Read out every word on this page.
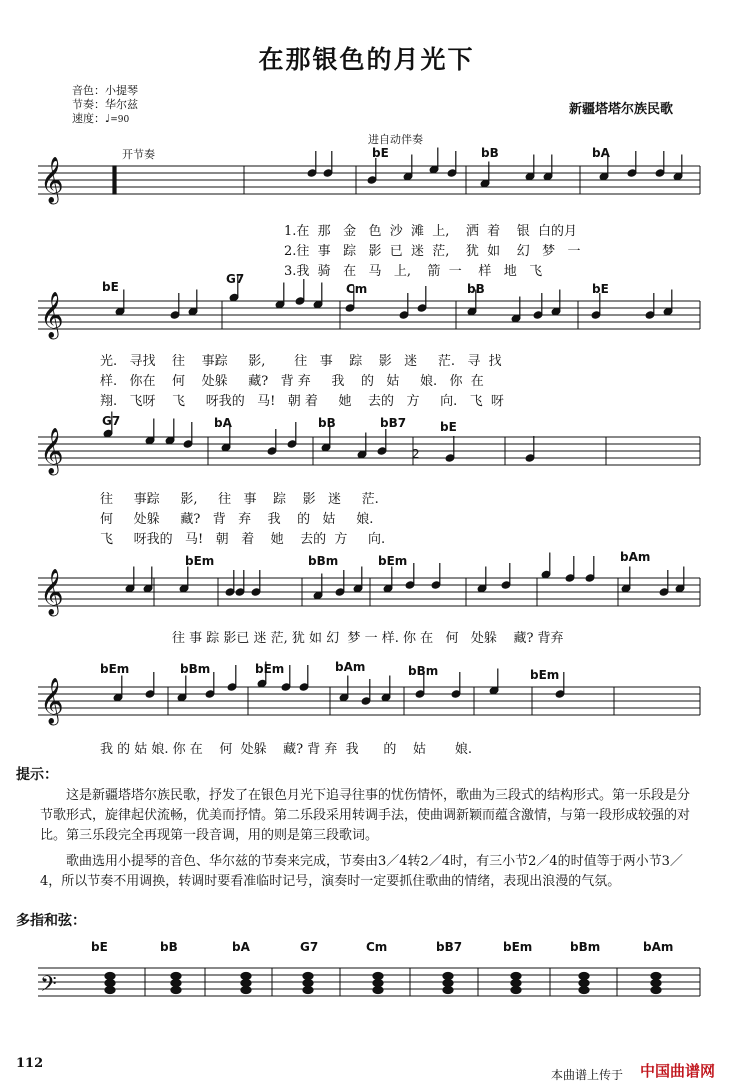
在那银色的月光下
音色：小提琴
节奏：华尔兹
速度：♩=90
新疆塔塔尔族民歌
开节奏
进自动伴奏
bE	bB	bA
bE
G7
Cm	bB	bE
G7	bA	bB	bB7	bE
bEm	bBm	bEm	bAm
bEm	bBm	bEm	bAm	bBm	bEm
1.在  那   金   色  沙  滩  上,    洒  着    银  白的月
2.往  事   踪   影  已  迷  茫,    犹  如    幻   梦   一
3.我  骑   在   马   上,    箭  一    样   地   飞
光.   寻找    往    事踪     影,       往   事    踪    影   迷     茫.   寻  找
样.   你在    何    处躲     藏?   背 弃     我    的   姑     娘.   你  在
翔.   飞呀    飞     呀我的   马!   朝 着     她    去的   方     向.   飞  呀
往     事踪     影,     往   事    踪    影   迷     茫.
何     处躲     藏?   背   弃    我    的   姑     娘.
飞     呀我的   马!   朝   着    她    去的  方     向.
往 事 踪 影已 迷 茫, 犹 如 幻  梦 一 样. 你 在   何   处躲    藏? 背弃
我 的 姑 娘. 你 在    何  处躲    藏? 背 弃  我      的    姑       娘.
𝄞
𝄞
𝄞	2
𝄞
𝄞
𝄢
提示：

这是新疆塔塔尔族民歌，抒发了在银色月光下追寻往事的忧伤情怀，歌曲为三段式的结构形式。第一乐段是分节歌形式，旋律起伏流畅，优美而抒情。第二乐段采用转调手法，使曲调新颖而蕴含激情，与第一段形成较强的对比。第三乐段完全再现第一段音调，用的则是第三段歌词。

歌曲选用小提琴的音色、华尔兹的节奏来完成，节奏由3／4转2／4时，有三小节2／4的时值等于两小节3／4，所以节奏不用调换，转调时要看准临时记号，演奏时一定要抓住歌曲的情绪，表现出浪漫的气氛。

多指和弦：
bE	bB	bA	G7	Cm	bB7	bEm	bBm	bAm
112
本曲谱上传于 中国曲谱网
